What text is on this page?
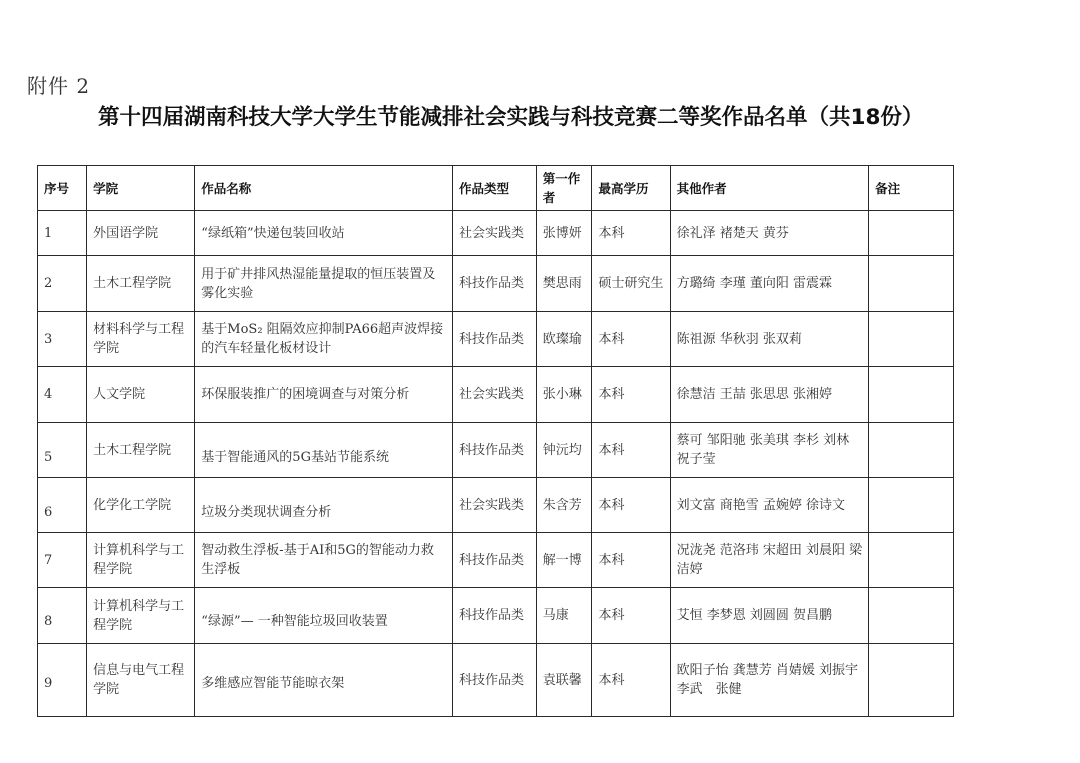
附件 2
第十四届湖南科技大学大学生节能减排社会实践与科技竞赛二等奖作品名单（共18份）
序号	学院	作品名称	作品类型	第一作者	最高学历	其他作者	备注
1	外国语学院	“绿纸箱”快递包装回收站	社会实践类	张博妍	本科	徐礼泽 褚楚天 黄芬	
2	土木工程学院	用于矿井排风热湿能量提取的恒压装置及雾化实验	科技作品类	樊思雨	硕士研究生	方璐绮 李瑾 董向阳 雷震霖	
3	材料科学与工程学院	基于MoS₂ 阻隔效应抑制PA66超声波焊接的汽车轻量化板材设计	科技作品类	欧璨瑜	本科	陈祖源 华秋羽 张双莉	
4	人文学院	环保服装推广的困境调查与对策分析	社会实践类	张小琳	本科	徐慧洁 王喆 张思思 张湘婷	
5	土木工程学院	基于智能通风的5G基站节能系统	科技作品类	钟沅均	本科	蔡可 邹阳驰 张美琪 李杉 刘林 祝子莹	
6	化学化工学院	垃圾分类现状调查分析	社会实践类	朱含芳	本科	刘文富 商艳雪 孟婉婷 徐诗文	
7	计算机科学与工程学院	智动救生浮板-基于AI和5G的智能动力救生浮板	科技作品类	解一博	本科	况泷尧 范洛玮 宋超田 刘晨阳 梁洁婷	
8	计算机科学与工程学院	“绿源”— 一种智能垃圾回收装置	科技作品类	马康	本科	艾恒 李梦恩 刘圆圆 贺昌鹏	
9	信息与电气工程学院	多维感应智能节能晾衣架	科技作品类	袁联馨	本科	欧阳子怡 龚慧芳 肖婧媛 刘振宇 李武　张健	
